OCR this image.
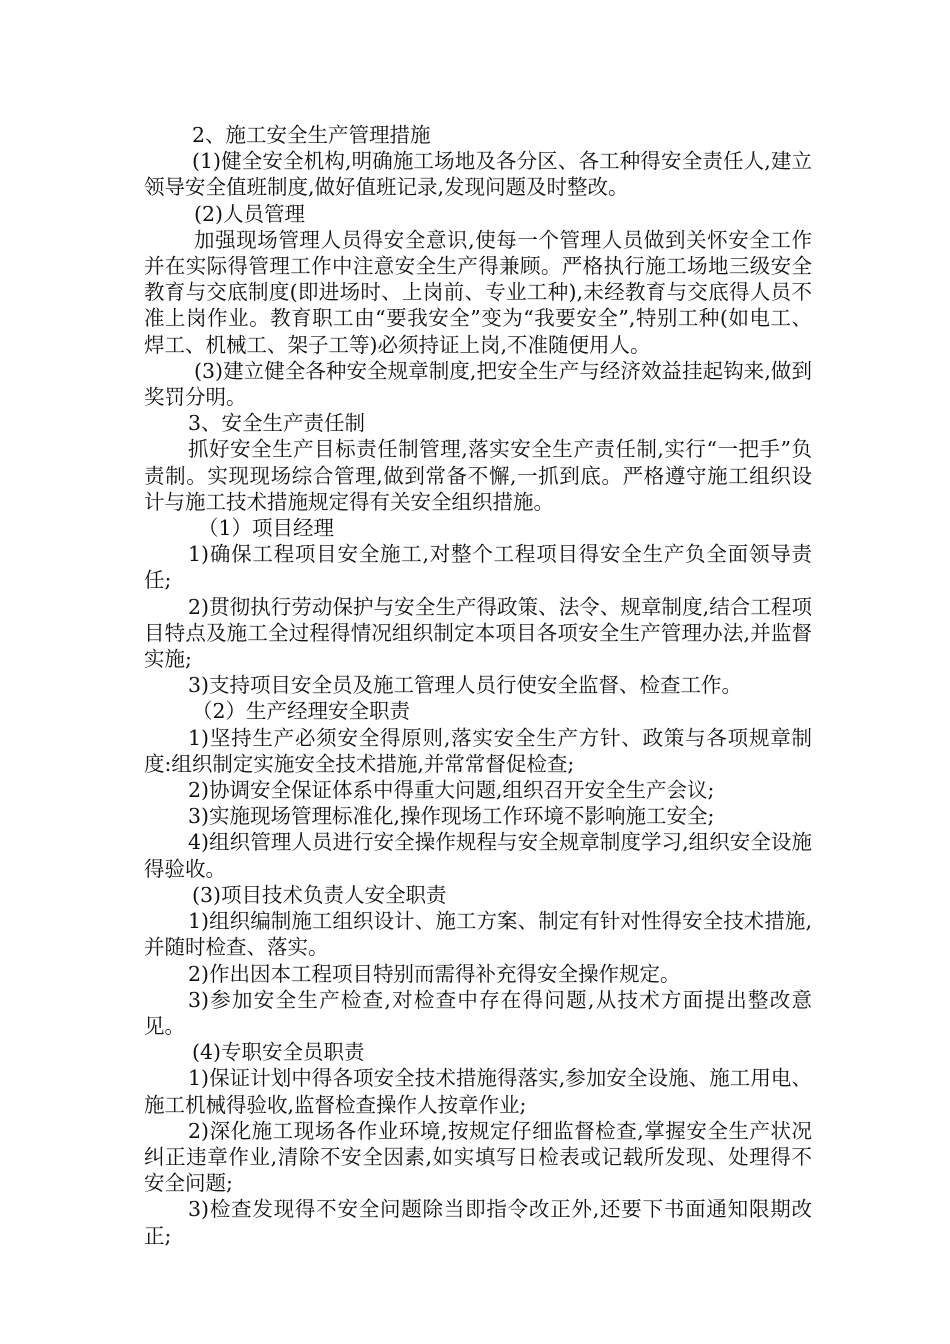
2、施工安全生产管理措施

(1)健全安全机构,明确施工场地及各分区、各工种得安全责任人,建立领导安全值班制度,做好值班记录,发现问题及时整改。

(2)人员管理

加强现场管理人员得安全意识,使每一个管理人员做到关怀安全工作并在实际得管理工作中注意安全生产得兼顾。严格执行施工场地三级安全教育与交底制度(即进场时、上岗前、专业工种),未经教育与交底得人员不准上岗作业。教育职工由“要我安全”变为“我要安全”,特别工种(如电工、焊工、机械工、架子工等)必须持证上岗,不准随便用人。

(3)建立健全各种安全规章制度,把安全生产与经济效益挂起钩来,做到奖罚分明。

3、安全生产责任制

抓好安全生产目标责任制管理,落实安全生产责任制,实行“一把手”负责制。实现现场综合管理,做到常备不懈,一抓到底。严格遵守施工组织设计与施工技术措施规定得有关安全组织措施。

（1）项目经理

1)确保工程项目安全施工,对整个工程项目得安全生产负全面领导责任;

2)贯彻执行劳动保护与安全生产得政策、法令、规章制度,结合工程项目特点及施工全过程得情况组织制定本项目各项安全生产管理办法,并监督实施;

3)支持项目安全员及施工管理人员行使安全监督、检查工作。

（2）生产经理安全职责

1)坚持生产必须安全得原则,落实安全生产方针、政策与各项规章制度:组织制定实施安全技术措施,并常常督促检查;

2)协调安全保证体系中得重大问题,组织召开安全生产会议;

3)实施现场管理标准化,操作现场工作环境不影响施工安全;

4)组织管理人员进行安全操作规程与安全规章制度学习,组织安全设施得验收。

(3)项目技术负责人安全职责

1)组织编制施工组织设计、施工方案、制定有针对性得安全技术措施,并随时检查、落实。

2)作出因本工程项目特别而需得补充得安全操作规定。

3)参加安全生产检查,对检查中存在得问题,从技术方面提出整改意见。

(4)专职安全员职责

1)保证计划中得各项安全技术措施得落实,参加安全设施、施工用电、施工机械得验收,监督检查操作人按章作业;

2)深化施工现场各作业环境,按规定仔细监督检查,掌握安全生产状况纠正违章作业,清除不安全因素,如实填写日检表或记载所发现、处理得不安全问题;

3)检查发现得不安全问题除当即指令改正外,还要下书面通知限期改正;
